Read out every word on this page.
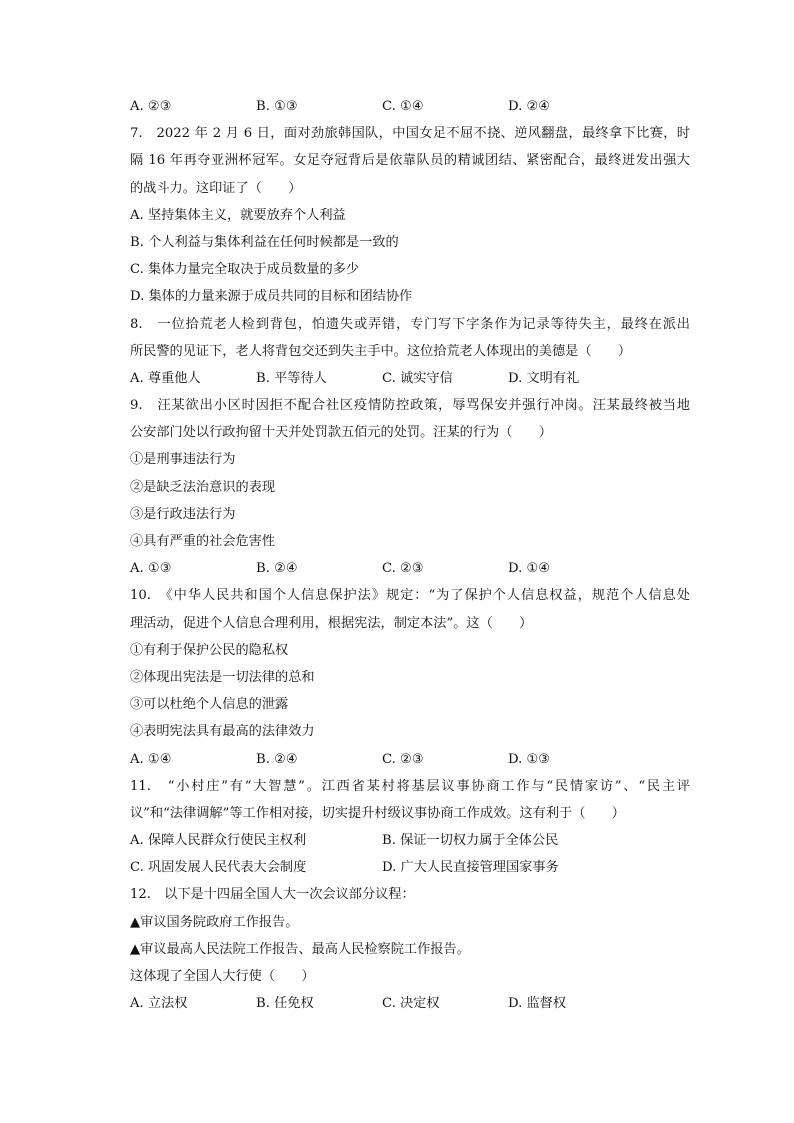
A. ②③	B. ①③	C. ①④	D. ②④
7.　2022 年 2 月 6 日，面对劲旅韩国队，中国女足不屈不挠、逆风翻盘，最终拿下比赛，时
隔 16 年再夺亚洲杯冠军。女足夺冠背后是依靠队员的精诚团结、紧密配合，最终迸发出强大
的战斗力。这印证了（　　）
A. 坚持集体主义，就要放弃个人利益
B. 个人利益与集体利益在任何时候都是一致的
C. 集体力量完全取决于成员数量的多少
D. 集体的力量来源于成员共同的目标和团结协作
8.　一位拾荒老人检到背包，怕遗失或弄错，专门写下字条作为记录等待失主，最终在派出
所民警的见证下，老人将背包交还到失主手中。这位拾荒老人体现出的美德是（　　）
A. 尊重他人	B. 平等待人	C. 诚实守信	D. 文明有礼
9.　汪某欲出小区时因拒不配合社区疫情防控政策，辱骂保安并强行冲岗。汪某最终被当地
公安部门处以行政拘留十天并处罚款五佰元的处罚。汪某的行为（　　）
①是刑事违法行为
②是缺乏法治意识的表现
③是行政违法行为
④具有严重的社会危害性
A. ①③	B. ②④	C. ②③	D. ①④
10.　《中华人民共和国个人信息保护法》规定：“为了保护个人信息权益，规范个人信息处
理活动，促进个人信息合理利用，根据宪法，制定本法”。这（　　）
①有利于保护公民的隐私权
②体现出宪法是一切法律的总和
③可以杜绝个人信息的泄露
④表明宪法具有最高的法律效力
A. ①④	B. ②④	C. ②③	D. ①③
11.　“小村庄”有“大智慧”。江西省某村将基层议事协商工作与“民情家访”、“民主评
议”和“法律调解”等工作相对接，切实提升村级议事协商工作成效。这有利于（　　）
A. 保障人民群众行使民主权利	B. 保证一切权力属于全体公民
C. 巩固发展人民代表大会制度	D. 广大人民直接管理国家事务
12.　以下是十四届全国人大一次会议部分议程：
▲审议国务院政府工作报告。
▲审议最高人民法院工作报告、最高人民检察院工作报告。
这体现了全国人大行使（　　）
A. 立法权	B. 任免权	C. 决定权	D. 监督权
